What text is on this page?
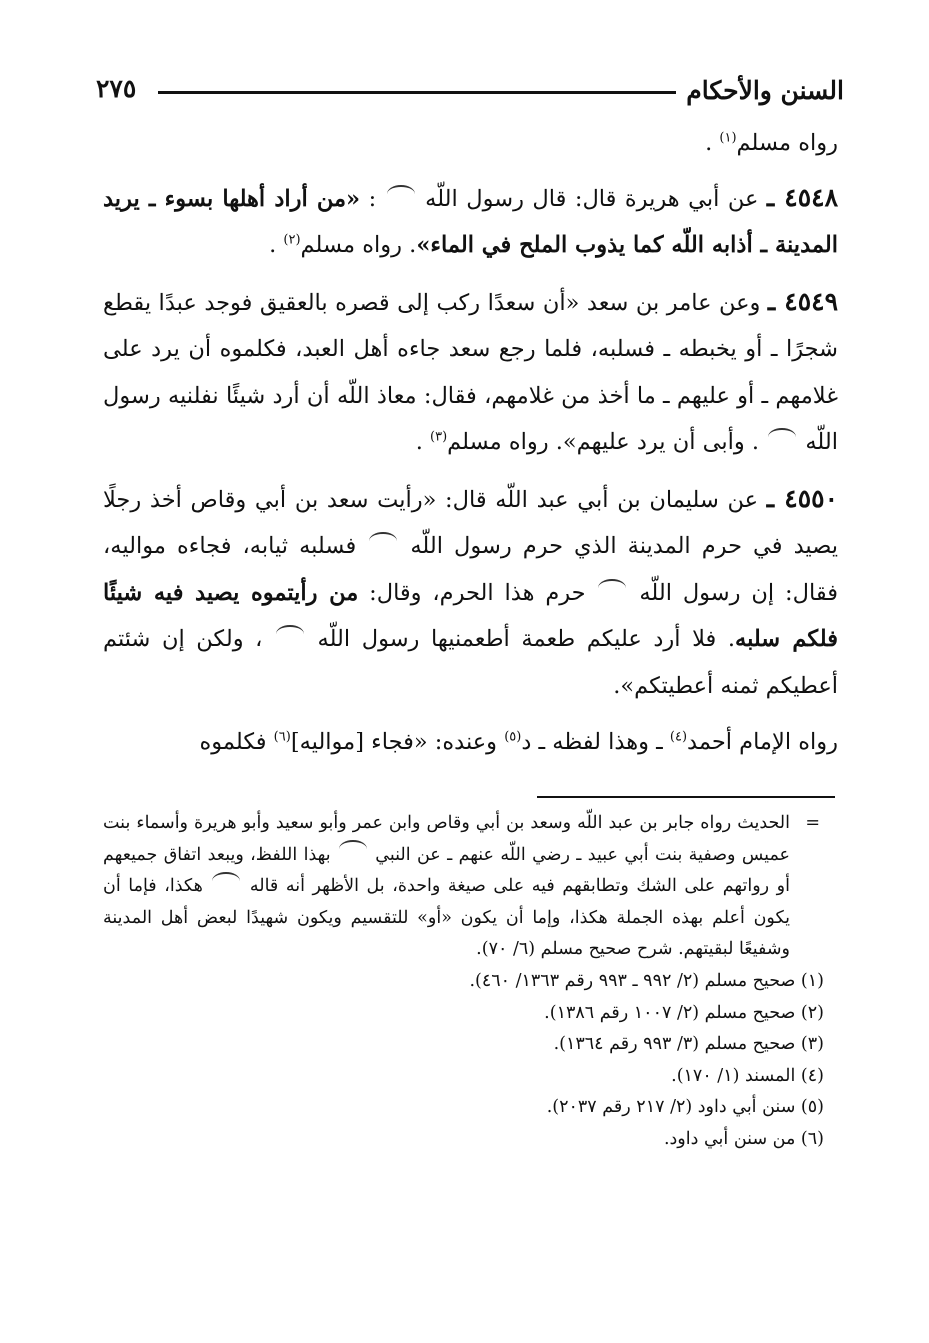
السنن والأحكام
٢٧٥

رواه مسلم$^{(١)}$ .

٤٥٤٨ ـ عن أبي هريرة قال: قال رسول اللّه  : «من أراد أهلها بسوء ـ يريد المدينة ـ أذابه اللّه كما يذوب الملح في الماء». رواه مسلم$^{(٢)}$ .

٤٥٤٩ ـ وعن عامر بن سعد «أن سعدًا ركب إلى قصره بالعقيق فوجد عبدًا يقطع شجرًا ـ أو يخبطه ـ فسلبه، فلما رجع سعد جاءه أهل العبد، فكلموه أن يرد على غلامهم ـ أو عليهم ـ ما أخذ من غلامهم، فقال: معاذ اللّه أن أرد شيئًا نفلنيه رسول اللّه  . وأبى أن يرد عليهم». رواه مسلم$^{(٣)}$ .

٤٥٥٠ ـ عن سليمان بن أبي عبد اللّه قال: «رأيت سعد بن أبي وقاص أخذ رجلًا يصيد في حرم المدينة الذي حرم رسول اللّه  فسلبه ثيابه، فجاءه مواليه، فقال: إن رسول اللّه  حرم هذا الحرم، وقال: من رأيتموه يصيد فيه شيئًا فلكم سلبه. فلا أرد عليكم طعمة أطعمنيها رسول اللّه  ، ولكن إن شئتم أعطيكم ثمنه أعطيتكم».

رواه الإمام أحمد$^{(٤)}$ ـ وهذا لفظه ـ د$^{(٥)}$ وعنده: «فجاء [مواليه]$^{(٦)}$ فكلموه

=
الحديث رواه جابر بن عبد اللّه وسعد بن أبي وقاص وابن عمر وأبو سعيد وأبو هريرة وأسماء بنت عميس وصفية بنت أبي عبيد ـ رضي اللّه عنهم ـ عن النبي  بهذا اللفظ، ويبعد اتفاق جميعهم أو رواتهم على الشك وتطابقهم فيه على صيغة واحدة، بل الأظهر أنه قاله  هكذا، فإما أن يكون أعلم بهذه الجملة هكذا، وإما أن يكون «أو» للتقسيم ويكون شهيدًا لبعض أهل المدينة وشفيعًا لبقيتهم. شرح صحيح مسلم (٦/ ٧٠).

(١) صحيح مسلم (٢/ ٩٩٢ ـ ٩٩٣ رقم ١٣٦٣/ ٤٦٠).

(٢) صحيح مسلم (٢/ ١٠٠٧ رقم ١٣٨٦).

(٣) صحيح مسلم (٣/ ٩٩٣ رقم ١٣٦٤).

(٤) المسند (١/ ١٧٠).

(٥) سنن أبي داود (٢/ ٢١٧ رقم ٢٠٣٧).

(٦) من سنن أبي داود.
